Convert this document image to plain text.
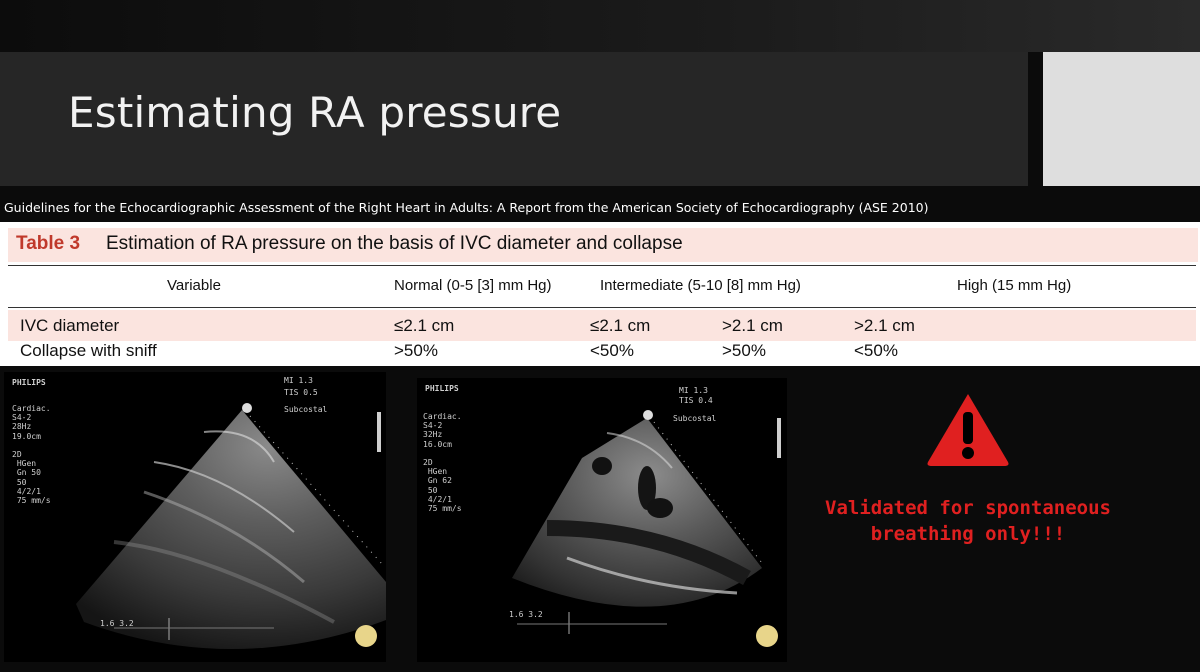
Estimating RA pressure
Guidelines for the Echocardiographic Assessment of the Right Heart in Adults: A Report from the American Society of Echocardiography (ASE 2010)
Table 3 Estimation of RA pressure on the basis of IVC diameter and collapse
Variable	Normal (0-5 [3] mm Hg)	Intermediate (5-10 [8] mm Hg)	High (15 mm Hg)
IVC diameter	≤2.1 cm	≤2.1 cm	>2.1 cm	>2.1 cm
Collapse with sniff	>50%	<50%	>50%	<50%
PHILIPS	MI 1.3
TIS 0.5
Subcostal
Cardiac.
S4-2
28Hz
19.0cm

2D
HGen
Gn 50
50
4/2/1
75 mm/s
1.6 3.2
PHILIPS	MI 1.3
TIS 0.4
Subcostal
Cardiac.
S4-2
32Hz
16.0cm

2D
HGen
Gn 62
50
4/2/1
75 mm/s
1.6 3.2
Validated for spontaneous
breathing only!!!
